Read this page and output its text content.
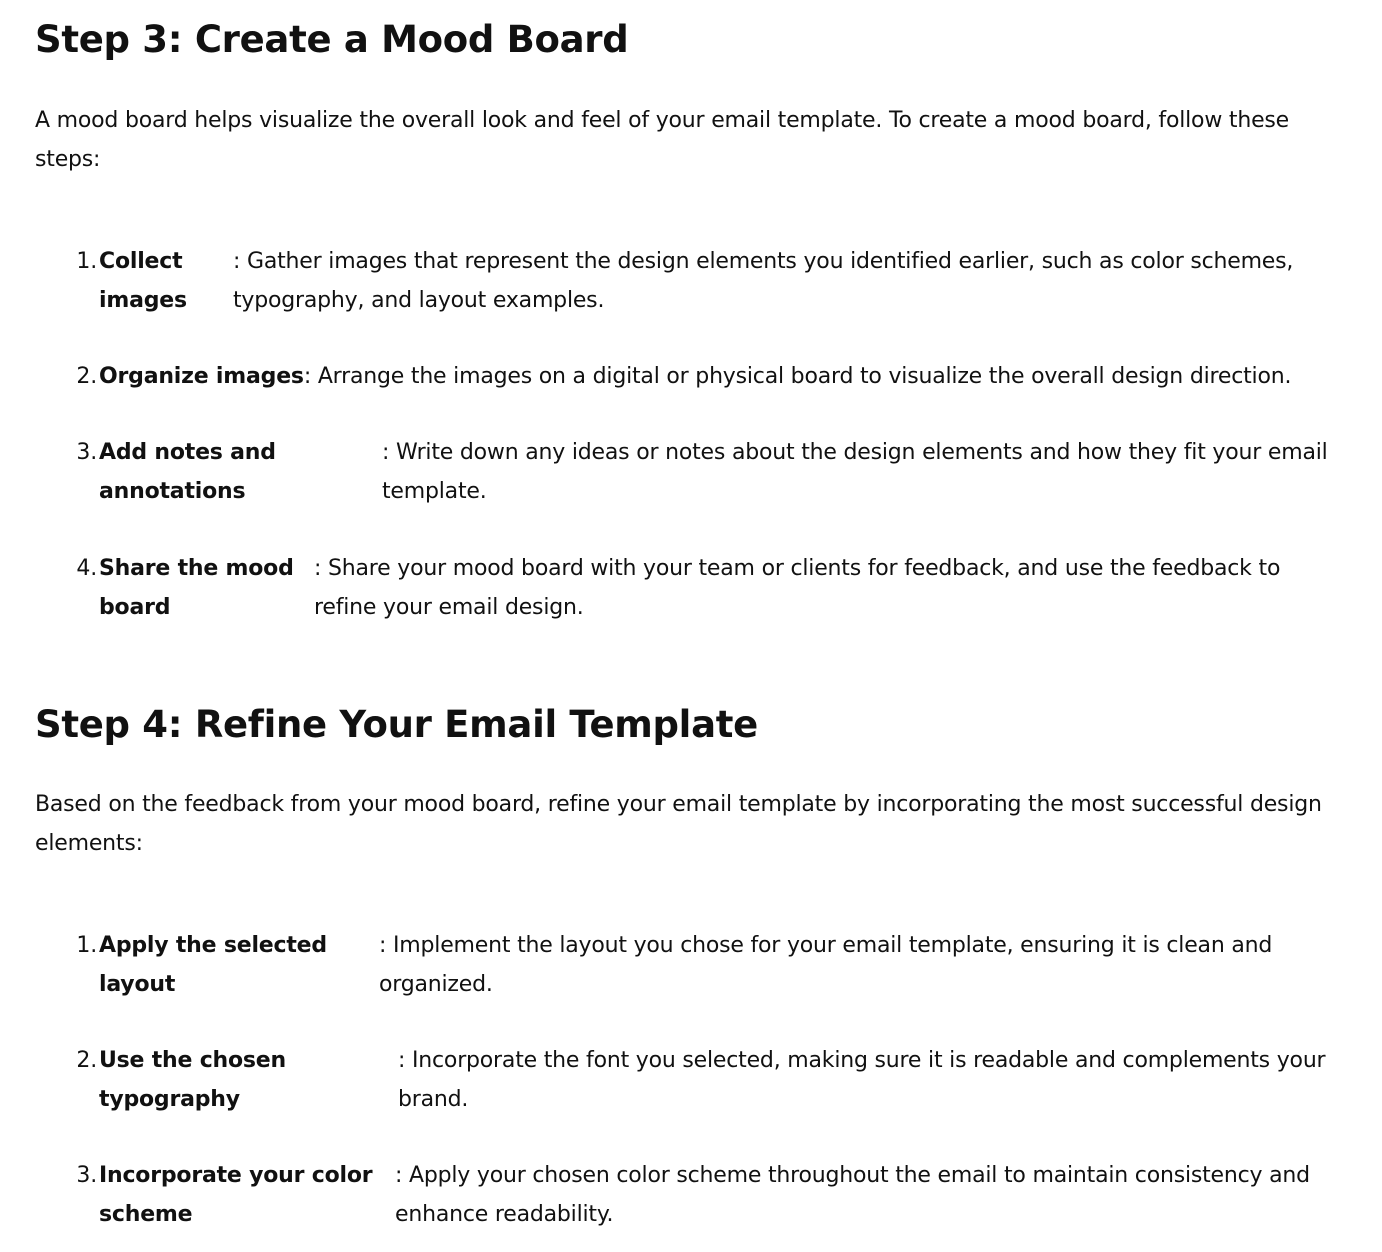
Step 3: Create a Mood Board

A mood board helps visualize the overall look and feel of your email template. To create a mood board, follow these steps:

1. Collect images
: Gather images that represent the design elements you identified earlier, such as color schemes, typography, and layout examples.
2. Organize images: Arrange the images on a digital or physical board to visualize the overall design direction.
3. Add notes and annotations
: Write down any ideas or notes about the design elements and how they fit your email template.
4. Share the mood board
: Share your mood board with your team or clients for feedback, and use the feedback to refine your email design.
Step 4: Refine Your Email Template

Based on the feedback from your mood board, refine your email template by incorporating the most successful design elements:

1. Apply the selected layout
: Implement the layout you chose for your email template, ensuring it is clean and organized.
2. Use the chosen typography
: Incorporate the font you selected, making sure it is readable and complements your brand.
3. Incorporate your color scheme
: Apply your chosen color scheme throughout the email to maintain consistency and enhance readability.
